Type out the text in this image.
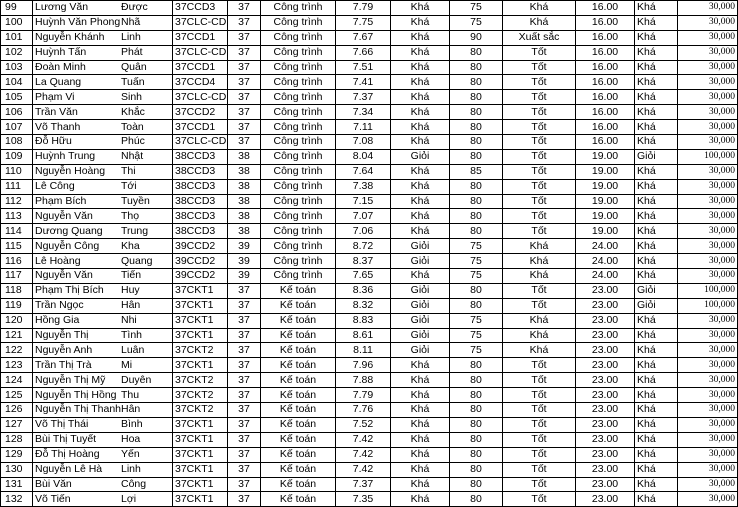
99	Lương Văn	Được	37CCD3	37	Công trình	7.79	Khá	75	Khá	16.00	Khá	30,000
100	Huỳnh Văn Phong	Nhã	37CLC-CD	37	Công trình	7.75	Khá	75	Khá	16.00	Khá	30,000
101	Nguyễn Khánh	Linh	37CCD1	37	Công trình	7.67	Khá	90	Xuất sắc	16.00	Khá	30,000
102	Huỳnh Tấn	Phát	37CLC-CD	37	Công trình	7.66	Khá	80	Tốt	16.00	Khá	30,000
103	Đoàn Minh	Quân	37CCD1	37	Công trình	7.51	Khá	80	Tốt	16.00	Khá	30,000
104	La Quang	Tuấn	37CCD4	37	Công trình	7.41	Khá	80	Tốt	16.00	Khá	30,000
105	Phạm Vi	Sinh	37CLC-CD	37	Công trình	7.37	Khá	80	Tốt	16.00	Khá	30,000
106	Trần Văn	Khắc	37CCD2	37	Công trình	7.34	Khá	80	Tốt	16.00	Khá	30,000
107	Võ Thanh	Toàn	37CCD1	37	Công trình	7.11	Khá	80	Tốt	16.00	Khá	30,000
108	Đỗ Hữu	Phúc	37CLC-CD	37	Công trình	7.08	Khá	80	Tốt	16.00	Khá	30,000
109	Huỳnh Trung	Nhật	38CCD3	38	Công trình	8.04	Giỏi	80	Tốt	19.00	Giỏi	100,000
110	Nguyễn Hoàng	Thi	38CCD3	38	Công trình	7.64	Khá	85	Tốt	19.00	Khá	30,000
111	Lê Công	Tới	38CCD3	38	Công trình	7.38	Khá	80	Tốt	19.00	Khá	30,000
112	Phạm Bích	Tuyền	38CCD3	38	Công trình	7.15	Khá	80	Tốt	19.00	Khá	30,000
113	Nguyễn Văn	Thọ	38CCD3	38	Công trình	7.07	Khá	80	Tốt	19.00	Khá	30,000
114	Dương Quang	Trung	38CCD3	38	Công trình	7.06	Khá	80	Tốt	19.00	Khá	30,000
115	Nguyễn Công	Kha	39CCD2	39	Công trình	8.72	Giỏi	75	Khá	24.00	Khá	30,000
116	Lê Hoàng	Quang	39CCD2	39	Công trình	8.37	Giỏi	75	Khá	24.00	Khá	30,000
117	Nguyễn Văn	Tiến	39CCD2	39	Công trình	7.65	Khá	75	Khá	24.00	Khá	30,000
118	Phạm Thị Bích	Huy	37CKT1	37	Kế toán	8.36	Giỏi	80	Tốt	23.00	Giỏi	100,000
119	Trần Ngọc	Hân	37CKT1	37	Kế toán	8.32	Giỏi	80	Tốt	23.00	Giỏi	100,000
120	Hồng Gia	Nhi	37CKT1	37	Kế toán	8.83	Giỏi	75	Khá	23.00	Khá	30,000
121	Nguyễn Thị	Tình	37CKT1	37	Kế toán	8.61	Giỏi	75	Khá	23.00	Khá	30,000
122	Nguyễn Anh	Luân	37CKT2	37	Kế toán	8.11	Giỏi	75	Khá	23.00	Khá	30,000
123	Trần Thị Trà	Mi	37CKT1	37	Kế toán	7.96	Khá	80	Tốt	23.00	Khá	30,000
124	Nguyễn Thị Mỹ	Duyên	37CKT2	37	Kế toán	7.88	Khá	80	Tốt	23.00	Khá	30,000
125	Nguyễn Thị Hồng	Thu	37CKT2	37	Kế toán	7.79	Khá	80	Tốt	23.00	Khá	30,000
126	Nguyễn Thị Thanh	Hân	37CKT2	37	Kế toán	7.76	Khá	80	Tốt	23.00	Khá	30,000
127	Võ Thị Thái	Bình	37CKT1	37	Kế toán	7.52	Khá	80	Tốt	23.00	Khá	30,000
128	Bùi Thị Tuyết	Hoa	37CKT1	37	Kế toán	7.42	Khá	80	Tốt	23.00	Khá	30,000
129	Đỗ Thị Hoàng	Yến	37CKT1	37	Kế toán	7.42	Khá	80	Tốt	23.00	Khá	30,000
130	Nguyễn Lê Hà	Linh	37CKT1	37	Kế toán	7.42	Khá	80	Tốt	23.00	Khá	30,000
131	Bùi Văn	Công	37CKT1	37	Kế toán	7.37	Khá	80	Tốt	23.00	Khá	30,000
132	Võ Tiến	Lợi	37CKT1	37	Kế toán	7.35	Khá	80	Tốt	23.00	Khá	30,000
